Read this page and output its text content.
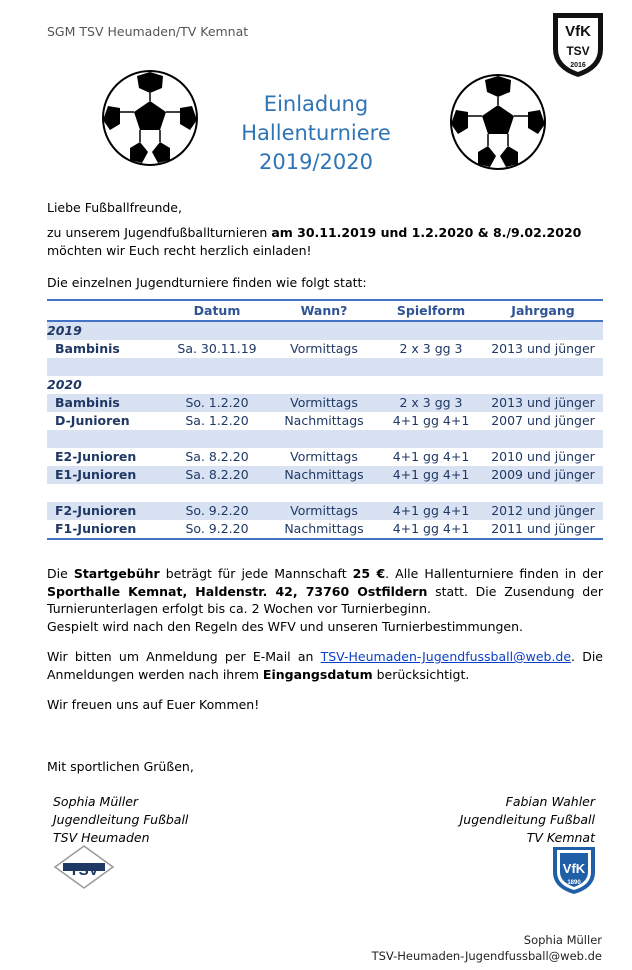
SGM TSV Heumaden/TV Kemnat	VfK
TSV
2016
Einladung
Hallenturniere
2019/2020
Liebe Fußballfreunde,
zu unserem Jugendfußballturnieren am 30.11.2019 und 1.2.2020 & 8./9.02.2020 möchten wir Euch recht herzlich einladen!
Die einzelnen Jugendturniere finden wie folgt statt:
	Datum	Wann?	Spielform	Jahrgang
2019				
Bambinis	Sa. 30.11.19	Vormittags	2 x 3 gg 3	2013 und jünger

2020				
Bambinis	So. 1.2.20	Vormittags	2 x 3 gg 3	2013 und jünger
D-Junioren	Sa. 1.2.20	Nachmittags	4+1 gg 4+1	2007 und jünger

E2-Junioren	Sa. 8.2.20	Vormittags	4+1 gg 4+1	2010 und jünger
E1-Junioren	Sa. 8.2.20	Nachmittags	4+1 gg 4+1	2009 und jünger

F2-Junioren	So. 9.2.20	Vormittags	4+1 gg 4+1	2012 und jünger
F1-Junioren	So. 9.2.20	Nachmittags	4+1 gg 4+1	2011 und jünger
Die Startgebühr beträgt für jede Mannschaft 25 €. Alle Hallenturniere finden in der Sporthalle Kemnat, Haldenstr. 42, 73760 Ostfildern statt. Die Zusendung der Turnierunterlagen erfolgt bis ca. 2 Wochen vor Turnierbeginn.
Gespielt wird nach den Regeln des WFV und unseren Turnierbestimmungen.
Wir bitten um Anmeldung per E-Mail an TSV-Heumaden-Jugendfussball@web.de. Die Anmeldungen werden nach ihrem Eingangsdatum berücksichtigt.
Wir freuen uns auf Euer Kommen!
Mit sportlichen Grüßen,
Sophia Müller
Jugendleitung Fußball
TSV Heumaden
Fabian Wahler
Jugendleitung Fußball
TV Kemnat
TSV	VfK
1890
Sophia Müller
TSV-Heumaden-Jugendfussball@web.de
